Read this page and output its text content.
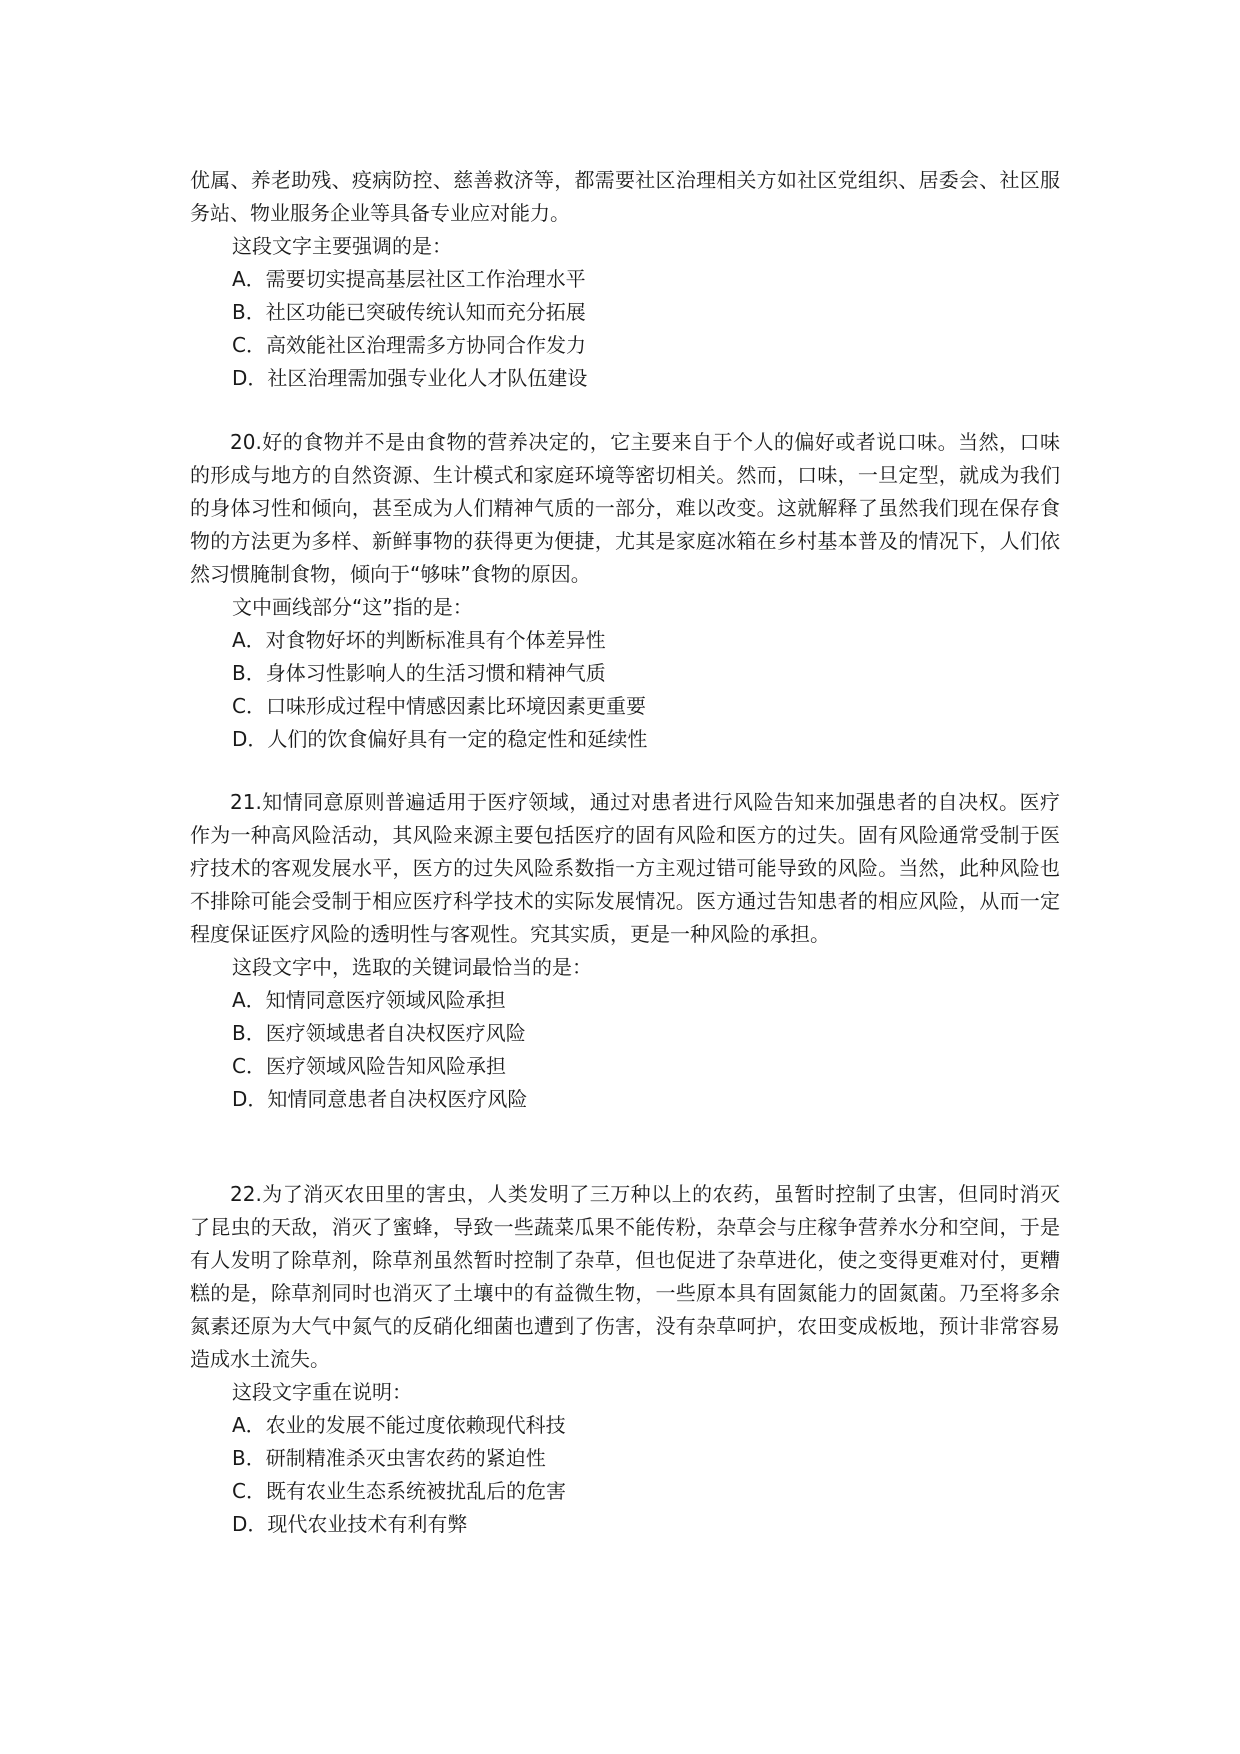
优属、养老助残、疫病防控、慈善救济等，都需要社区治理相关方如社区党组织、居委会、社区服务站、物业服务企业等具备专业应对能力。

这段文字主要强调的是：

A．需要切实提高基层社区工作治理水平

B．社区功能已突破传统认知而充分拓展

C．高效能社区治理需多方协同合作发力

D．社区治理需加强专业化人才队伍建设

20.好的食物并不是由食物的营养决定的，它主要来自于个人的偏好或者说口味。当然，口味的形成与地方的自然资源、生计模式和家庭环境等密切相关。然而，口味，一旦定型，就成为我们的身体习性和倾向，甚至成为人们精神气质的一部分，难以改变。这就解释了虽然我们现在保存食物的方法更为多样、新鲜事物的获得更为便捷，尤其是家庭冰箱在乡村基本普及的情况下，人们依然习惯腌制食物，倾向于“够味”食物的原因。

文中画线部分“这”指的是：

A．对食物好坏的判断标准具有个体差异性

B．身体习性影响人的生活习惯和精神气质

C．口味形成过程中情感因素比环境因素更重要

D．人们的饮食偏好具有一定的稳定性和延续性

21.知情同意原则普遍适用于医疗领域，通过对患者进行风险告知来加强患者的自决权。医疗作为一种高风险活动，其风险来源主要包括医疗的固有风险和医方的过失。固有风险通常受制于医疗技术的客观发展水平，医方的过失风险系数指一方主观过错可能导致的风险。当然，此种风险也不排除可能会受制于相应医疗科学技术的实际发展情况。医方通过告知患者的相应风险，从而一定程度保证医疗风险的透明性与客观性。究其实质，更是一种风险的承担。

这段文字中，选取的关键词最恰当的是：

A．知情同意医疗领域风险承担

B．医疗领域患者自决权医疗风险

C．医疗领域风险告知风险承担

D．知情同意患者自决权医疗风险

22.为了消灭农田里的害虫，人类发明了三万种以上的农药，虽暂时控制了虫害，但同时消灭了昆虫的天敌，消灭了蜜蜂，导致一些蔬菜瓜果不能传粉，杂草会与庄稼争营养水分和空间，于是有人发明了除草剂，除草剂虽然暂时控制了杂草，但也促进了杂草进化，使之变得更难对付，更糟糕的是，除草剂同时也消灭了土壤中的有益微生物，一些原本具有固氮能力的固氮菌。乃至将多余氮素还原为大气中氮气的反硝化细菌也遭到了伤害，没有杂草呵护，农田变成板地，预计非常容易造成水土流失。

这段文字重在说明：

A．农业的发展不能过度依赖现代科技

B．研制精准杀灭虫害农药的紧迫性

C．既有农业生态系统被扰乱后的危害

D．现代农业技术有利有弊
